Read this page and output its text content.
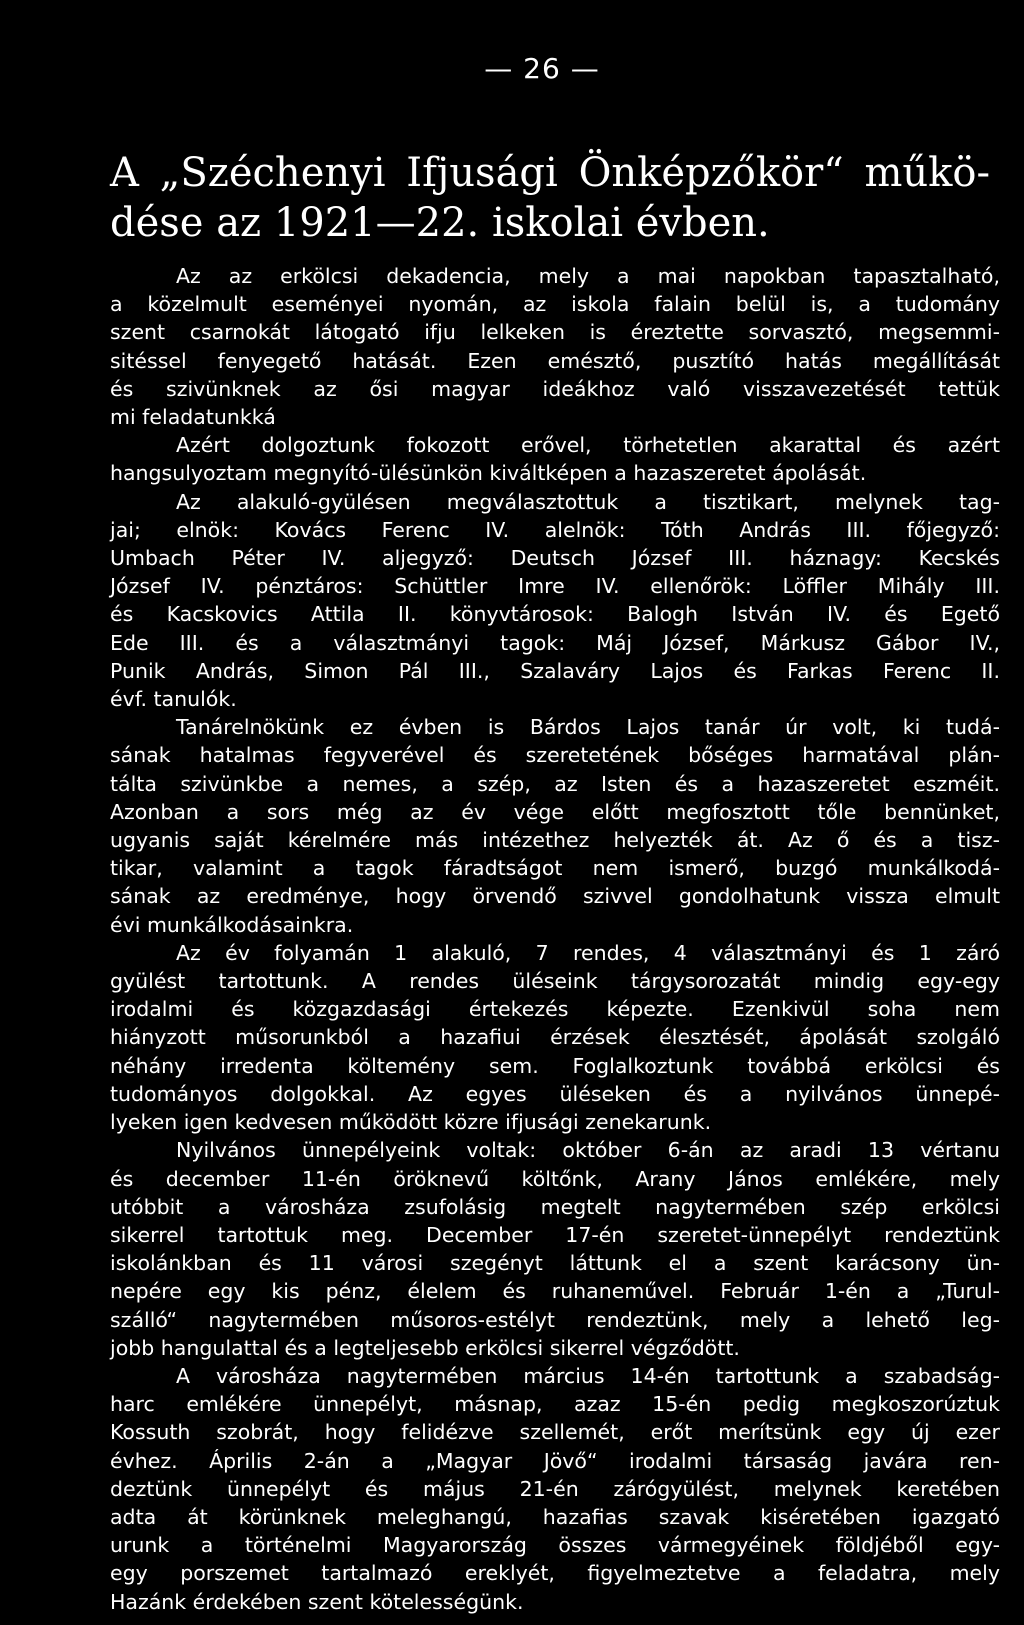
— 26 —
A „Széchenyi Ifjusági Önképzőkör“ műkö-
dése az 1921—22. iskolai évben.
Az az erkölcsi dekadencia, mely a mai napokban tapasztalható,
a közelmult eseményei nyomán, az iskola falain belül is, a tudomány
szent csarnokát látogató ifju lelkeken is éreztette sorvasztó, megsemmi-
sitéssel fenyegető hatását. Ezen emésztő, pusztító hatás megállítását
és szivünknek az ősi magyar ideákhoz való visszavezetését tettük
mi feladatunkká
Azért dolgoztunk fokozott erővel, törhetetlen akarattal és azért
hangsulyoztam megnyító-ülésünkön kiváltképen a hazaszeretet ápolását.
Az alakuló-gyülésen megválasztottuk a tisztikart, melynek tag-
jai; elnök: Kovács Ferenc IV. alelnök: Tóth András III. főjegyző:
Umbach Péter IV. aljegyző: Deutsch József III. háznagy: Kecskés
József IV. pénztáros: Schüttler Imre IV. ellenőrök: Löffler Mihály III.
és Kacskovics Attila II. könyvtárosok: Balogh István IV. és Egető
Ede III. és a választmányi tagok: Máj József, Márkusz Gábor IV.,
Punik András, Simon Pál III., Szalaváry Lajos és Farkas Ferenc II.
évf. tanulók.
Tanárelnökünk ez évben is Bárdos Lajos tanár úr volt, ki tudá-
sának hatalmas fegyverével és szeretetének bőséges harmatával plán-
tálta szivünkbe a nemes, a szép, az Isten és a hazaszeretet eszméit.
Azonban a sors még az év vége előtt megfosztott tőle bennünket,
ugyanis saját kérelmére más intézethez helyezték át. Az ő és a tisz-
tikar, valamint a tagok fáradtságot nem ismerő, buzgó munkálkodá-
sának az eredménye, hogy örvendő szivvel gondolhatunk vissza elmult
évi munkálkodásainkra.
Az év folyamán 1 alakuló, 7 rendes, 4 választmányi és 1 záró
gyülést tartottunk. A rendes üléseink tárgysorozatát mindig egy-egy
irodalmi és közgazdasági értekezés képezte. Ezenkivül soha nem
hiányzott műsorunkból a hazafiui érzések élesztését, ápolását szolgáló
néhány irredenta költemény sem. Foglalkoztunk továbbá erkölcsi és
tudományos dolgokkal. Az egyes üléseken és a nyilvános ünnepé-
lyeken igen kedvesen működött közre ifjusági zenekarunk.
Nyilvános ünnepélyeink voltak: október 6-án az aradi 13 vértanu
és december 11-én öröknevű költőnk, Arany János emlékére, mely
utóbbit a városháza zsufolásig megtelt nagytermében szép erkölcsi
sikerrel tartottuk meg. December 17-én szeretet-ünnepélyt rendeztünk
iskolánkban és 11 városi szegényt láttunk el a szent karácsony ün-
nepére egy kis pénz, élelem és ruhaneművel. Február 1-én a „Turul-
szálló“ nagytermében műsoros-estélyt rendeztünk, mely a lehető leg-
jobb hangulattal és a legteljesebb erkölcsi sikerrel végződött.
A városháza nagytermében március 14-én tartottunk a szabadság-
harc emlékére ünnepélyt, másnap, azaz 15-én pedig megkoszorúztuk
Kossuth szobrát, hogy felidézve szellemét, erőt merítsünk egy új ezer
évhez. Április 2-án a „Magyar Jövő“ irodalmi társaság javára ren-
deztünk ünnepélyt és május 21-én zárógyülést, melynek keretében
adta át körünknek meleghangú, hazafias szavak kiséretében igazgató
urunk a történelmi Magyarország összes vármegyéinek földjéből egy-
egy porszemet tartalmazó ereklyét, figyelmeztetve a feladatra, mely
Hazánk érdekében szent kötelességünk.
